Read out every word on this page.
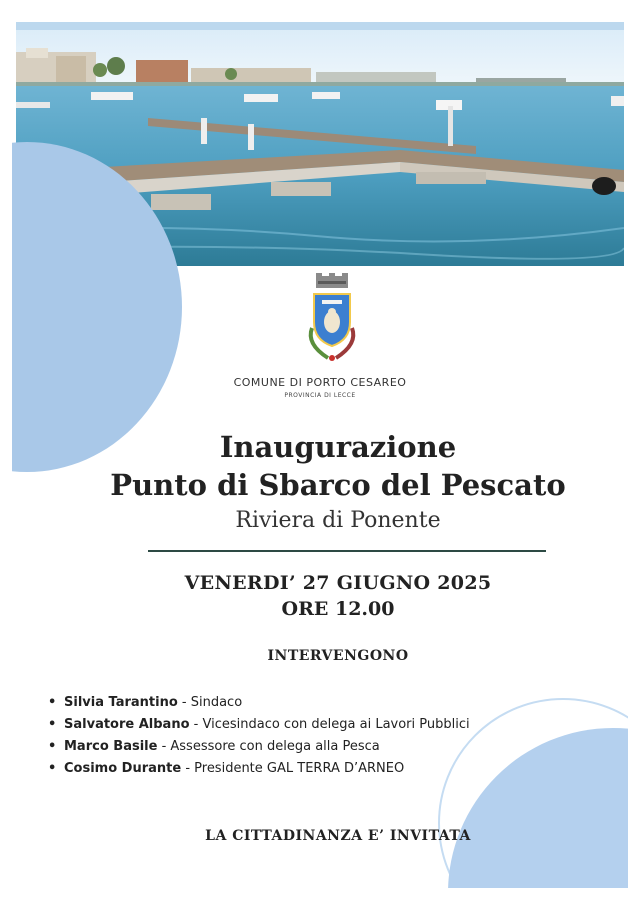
COMUNE DI PORTO CESAREO
PROVINCIA DI LECCE
Inaugurazione
Punto di Sbarco del Pescato
Riviera di Ponente
VENERDI’ 27 GIUGNO 2025
ORE 12.00
INTERVENGONO
• Silvia Tarantino - Sindaco
• Salvatore Albano - Vicesindaco con delega ai Lavori Pubblici
• Marco Basile - Assessore con delega alla Pesca
• Cosimo Durante - Presidente GAL TERRA D’ARNEO
LA CITTADINANZA E’ INVITATA
